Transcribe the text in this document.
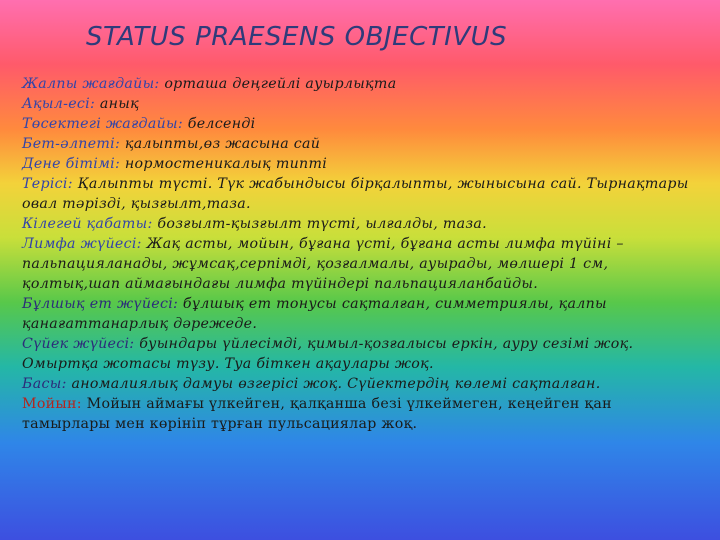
STATUS PRAESENS OBJECTIVUS

Жалпы жағдайы: орташа деңгейлі ауырлықта

Ақыл-есі: анық

Төсектегі жағдайы: белсенді

Бет-әлпеті: қалыпты,өз жасына сай

Дене бітімі: нормостеникалық типті

Терісі: Қалыпты түсті. Түк жабындысы бірқалыпты, жынысына сай. Тырнақтары овал тәрізді, қызғылт,таза.

Кілегей қабаты: бозғылт-қызғылт түсті, ылғалды, таза.

Лимфа жүйесі: Жақ асты, мойын, бұғана үсті, бұғана асты лимфа түйіні – пальпацияланады, жұмсақ,серпімді, қозғалмалы, ауырады, мөлшері 1 см, қолтық,шап аймағындағы лимфа түйіндері пальпацияланбайды.

Бұлшық ет жүйесі: бұлшық ет тонусы сақталған, симметриялы, қалпы қанағаттанарлық дәрежеде.

Сүйек жүйесі: буындары үйлесімді, қимыл-қозғалысы еркін, ауру сезімі жоқ. Омыртқа жотасы түзу. Туа біткен ақаулары жоқ.

Басы: аномалиялық дамуы өзгерісі жоқ. Сүйектердің көлемі сақталған.

Мойын: Мойын аймағы үлкейген, қалқанша безі үлкеймеген, кеңейген қан тамырлары мен көрініп тұрған пульсациялар жоқ.
